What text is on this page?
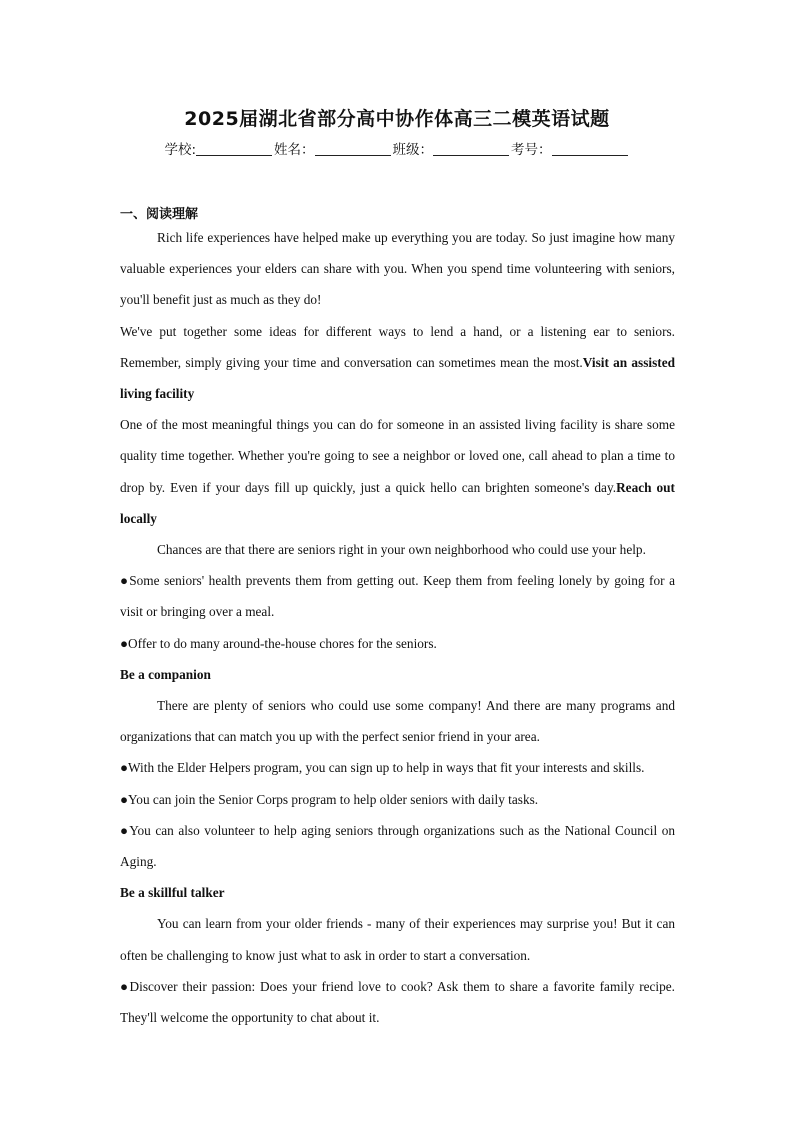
2025届湖北省部分高中协作体高三二模英语试题
学校:	姓名：	班级：	考号：
一、阅读理解

Rich life experiences have helped make up everything you are today. So just imagine how many valuable experiences your elders can share with you. When you spend time volunteering with seniors, you'll benefit just as much as they do!

We've put together some ideas for different ways to lend a hand, or a listening ear to seniors. Remember, simply giving your time and conversation can sometimes mean the most.Visit an assisted living facility

One of the most meaningful things you can do for someone in an assisted living facility is share some quality time together. Whether you're going to see a neighbor or loved one, call ahead to plan a time to drop by. Even if your days fill up quickly, just a quick hello can brighten someone's day.Reach out locally

Chances are that there are seniors right in your own neighborhood who could use your help.

●Some seniors' health prevents them from getting out. Keep them from feeling lonely by going for a visit or bringing over a meal.

●Offer to do many around-the-house chores for the seniors.

Be a companion

There are plenty of seniors who could use some company! And there are many programs and organizations that can match you up with the perfect senior friend in your area.

●With the Elder Helpers program, you can sign up to help in ways that fit your interests and skills.

●You can join the Senior Corps program to help older seniors with daily tasks.

●You can also volunteer to help aging seniors through organizations such as the National Council on Aging.

Be a skillful talker

You can learn from your older friends - many of their experiences may surprise you! But it can often be challenging to know just what to ask in order to start a conversation.

●Discover their passion: Does your friend love to cook? Ask them to share a favorite family recipe. They'll welcome the opportunity to chat about it.
